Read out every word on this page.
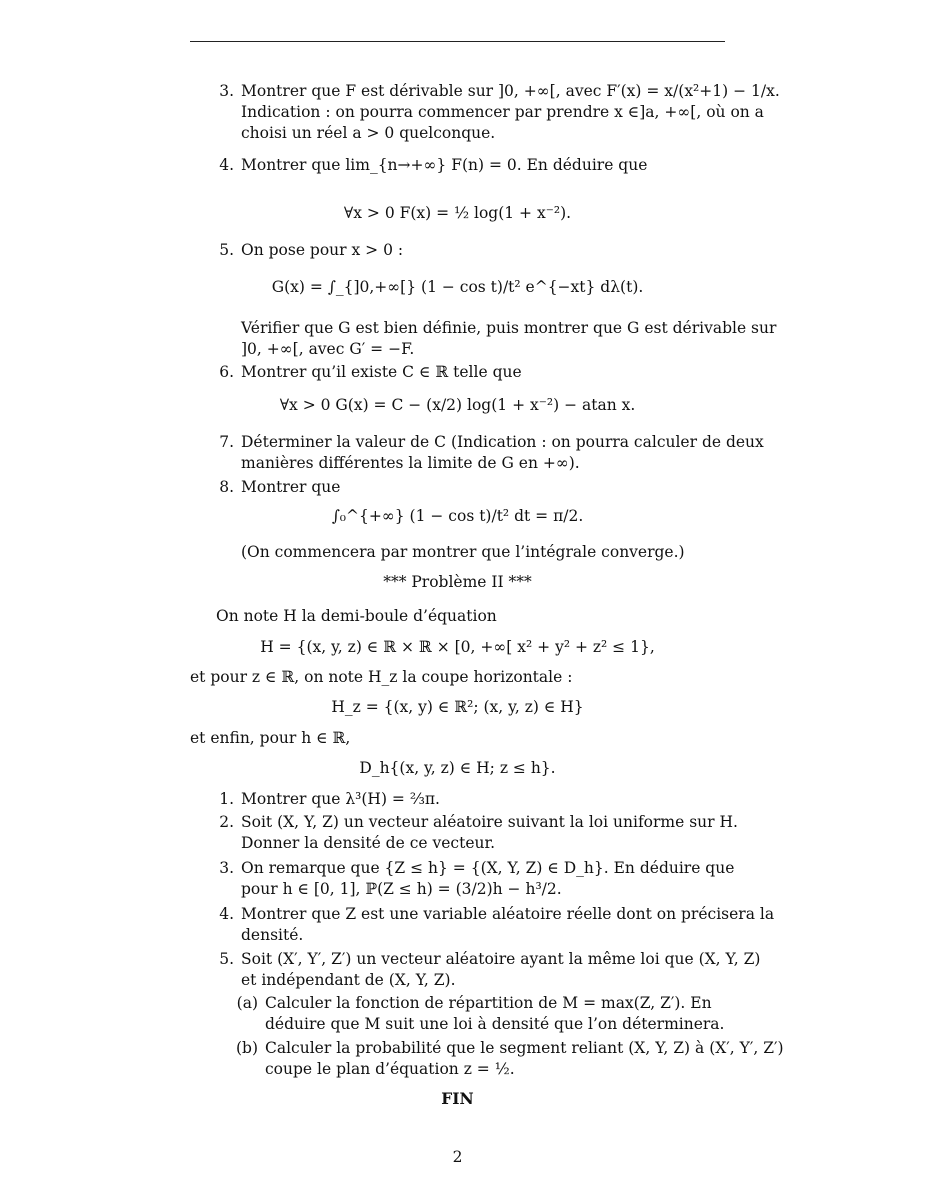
3. Montrer que F est dérivable sur ]0, +∞[, avec F′(x) = x/(x²+1) − 1/x.
Indication : on pourra commencer par prendre x ∈]a, +∞[, où on a
choisi un réel a > 0 quelconque.
4. Montrer que lim_{n→+∞} F(n) = 0. En déduire que
∀x > 0 F(x) = ½ log(1 + x⁻²).
5. On pose pour x > 0 :
G(x) = ∫_{]0,+∞[} (1 − cos t)/t² e^{−xt} dλ(t).
Vérifier que G est bien définie, puis montrer que G est dérivable sur
]0, +∞[, avec G′ = −F.
6. Montrer qu’il existe C ∈ ℝ telle que
∀x > 0 G(x) = C − (x/2) log(1 + x⁻²) − atan x.
7. Déterminer la valeur de C (Indication : on pourra calculer de deux
manières différentes la limite de G en +∞).
8. Montrer que
∫₀^{+∞} (1 − cos t)/t² dt = π/2.
(On commencera par montrer que l’intégrale converge.)
*** Problème II ***
On note H la demi-boule d’équation
H = {(x, y, z) ∈ ℝ × ℝ × [0, +∞[ x² + y² + z² ≤ 1},
et pour z ∈ ℝ, on note H_z la coupe horizontale :
H_z = {(x, y) ∈ ℝ²; (x, y, z) ∈ H}
et enfin, pour h ∈ ℝ,
D_h{(x, y, z) ∈ H; z ≤ h}.
1. Montrer que λ³(H) = ⅔π.
2. Soit (X, Y, Z) un vecteur aléatoire suivant la loi uniforme sur H.
Donner la densité de ce vecteur.
3. On remarque que {Z ≤ h} = {(X, Y, Z) ∈ D_h}. En déduire que
pour h ∈ [0, 1], ℙ(Z ≤ h) = (3/2)h − h³/2.
4. Montrer que Z est une variable aléatoire réelle dont on précisera la
densité.
5. Soit (X′, Y′, Z′) un vecteur aléatoire ayant la même loi que (X, Y, Z)
et indépendant de (X, Y, Z).
(a) Calculer la fonction de répartition de M = max(Z, Z′). En
déduire que M suit une loi à densité que l’on déterminera.
(b) Calculer la probabilité que le segment reliant (X, Y, Z) à (X′, Y′, Z′)
coupe le plan d’équation z = ½.
FIN
2
